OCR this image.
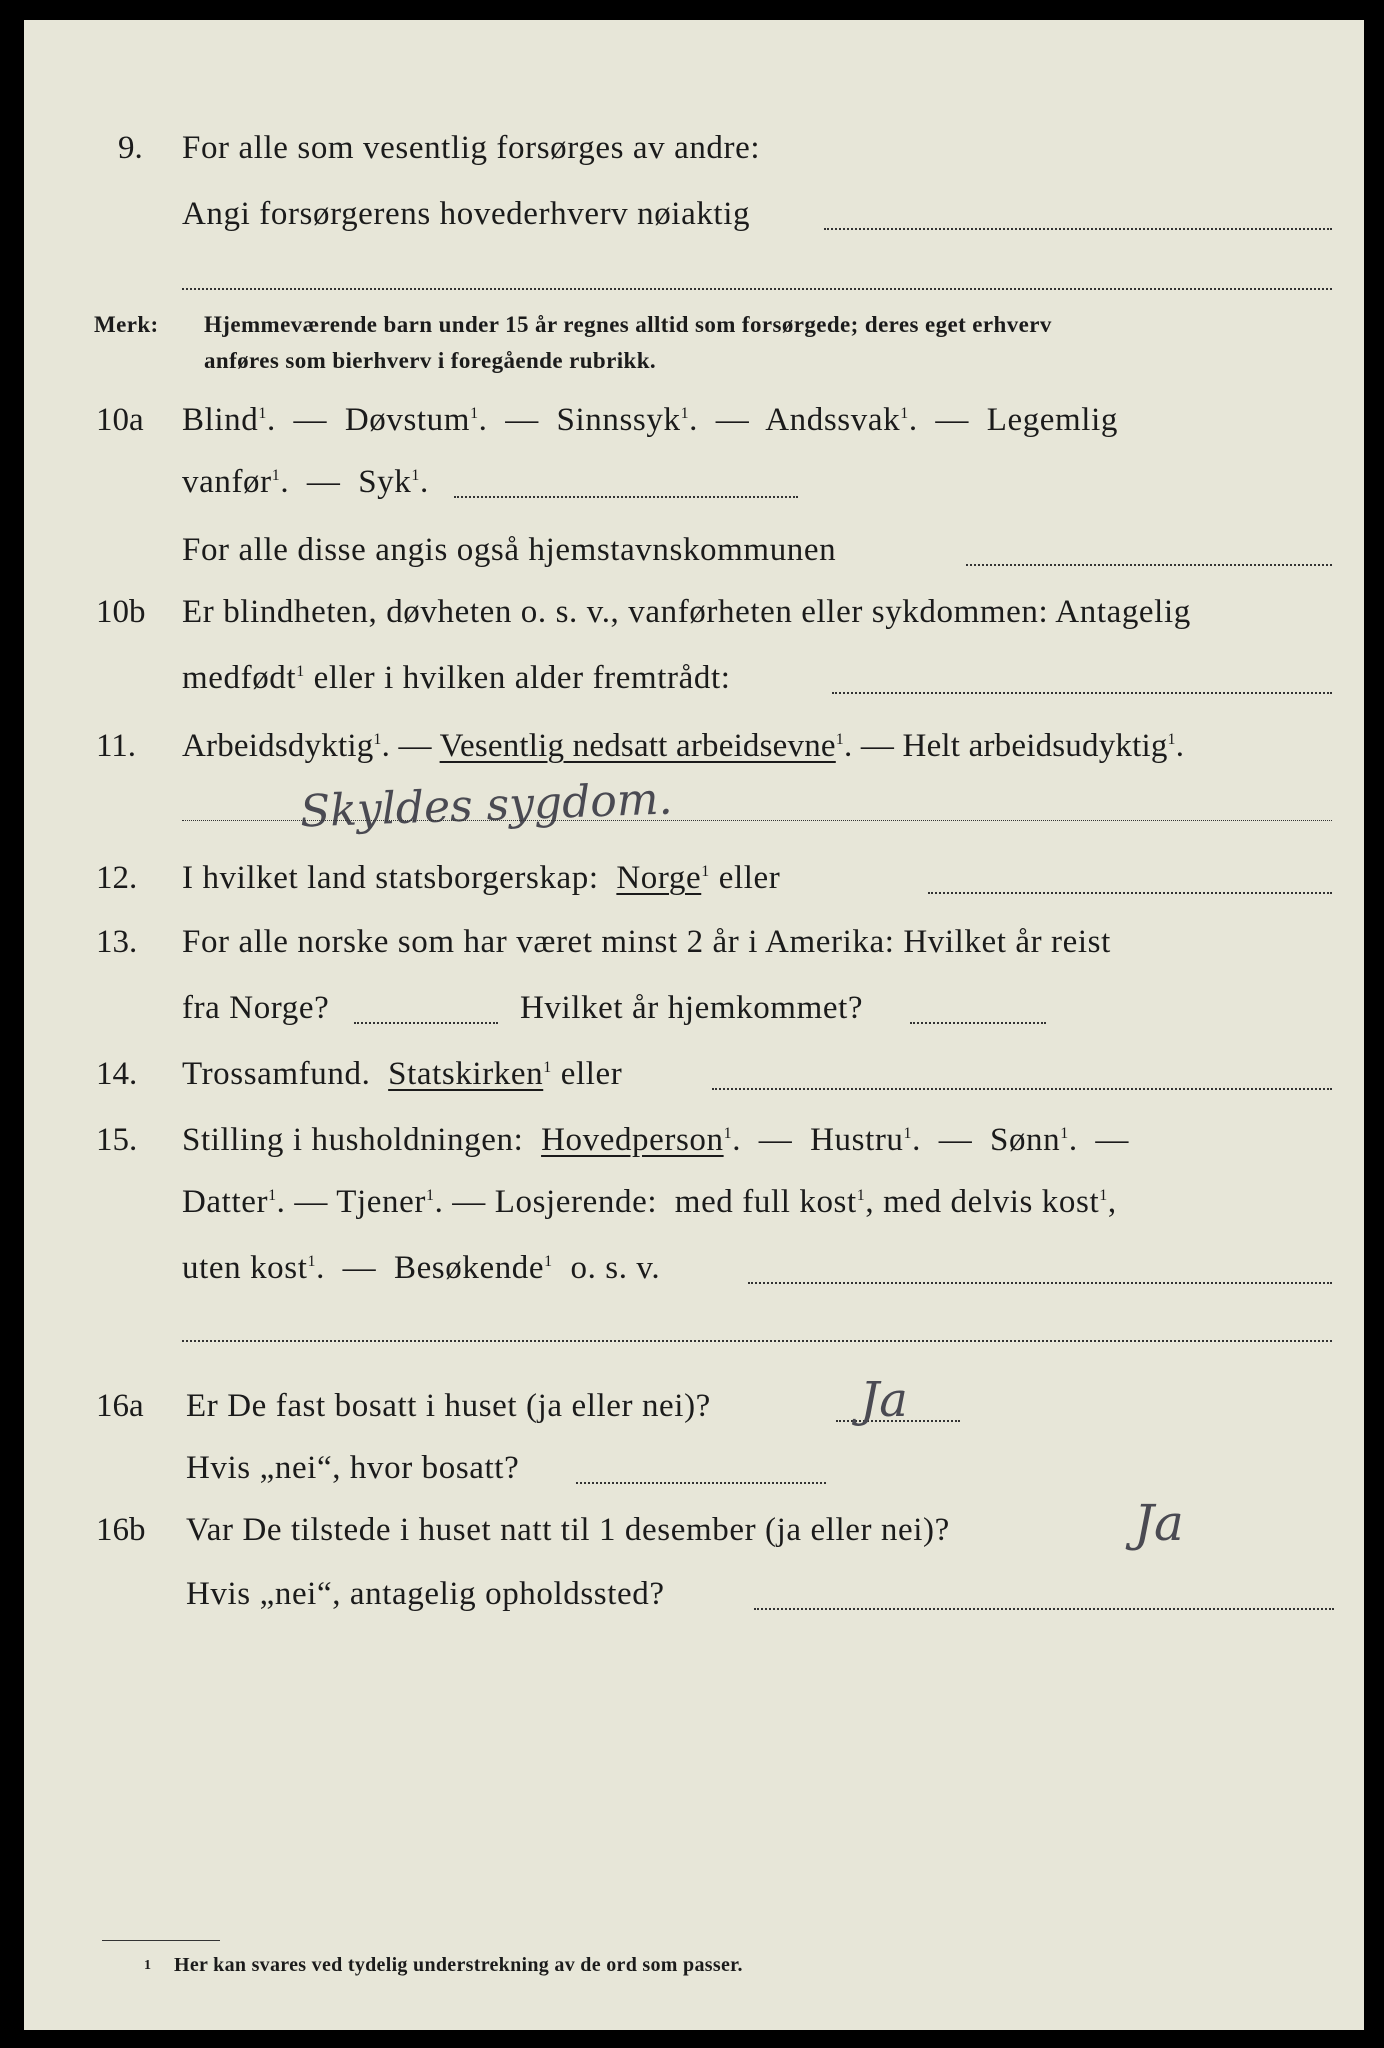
9. For alle som vesentlig forsørges av andre:
Angi forsørgerens hovederhverv nøiaktig
Merk: Hjemmeværende barn under 15 år regnes alltid som forsørgede; deres eget erhverv
anføres som bierhverv i foregående rubrikk.
10a Blind$^1$.  — Døvstum$^1$.  — Sinnssyk$^1$.  — Andssvak$^1$.  — Legemlig
vanfør$^1$.  — Syk$^1$.
For alle disse angis også hjemstavnskommunen
10b Er blindheten, døvheten o. s. v., vanførheten eller sykdommen: Antagelig
medfødt$^1$ eller i hvilken alder fremtrådt:
11. Arbeidsdyktig$^1$. — Vesentlig nedsatt arbeidsevne$^1$. — Helt arbeidsudyktig$^1$.
Skyldes sygdom.
12. I hvilket land statsborgerskap: Norge$^1$ eller
13. For alle norske som har været minst 2 år i Amerika: Hvilket år reist
fra Norge?	Hvilket år hjemkommet?
14. Trossamfund. Statskirken$^1$ eller
15. Stilling i husholdningen: Hovedperson$^1$.  —  Hustru$^1$.  —  Sønn$^1$.  —
Datter$^1$. — Tjener$^1$. — Losjerende: med full kost$^1$, med delvis kost$^1$,
uten kost$^1$.  —  Besøkende$^1$ o. s. v.
16a Er De fast bosatt i huset (ja eller nei)?	Ja
Hvis „nei“, hvor bosatt?
16b Var De tilstede i huset natt til 1 desember (ja eller nei)?	Ja
Hvis „nei“, antagelig opholdssted?
1 Her kan svares ved tydelig understrekning av de ord som passer.
